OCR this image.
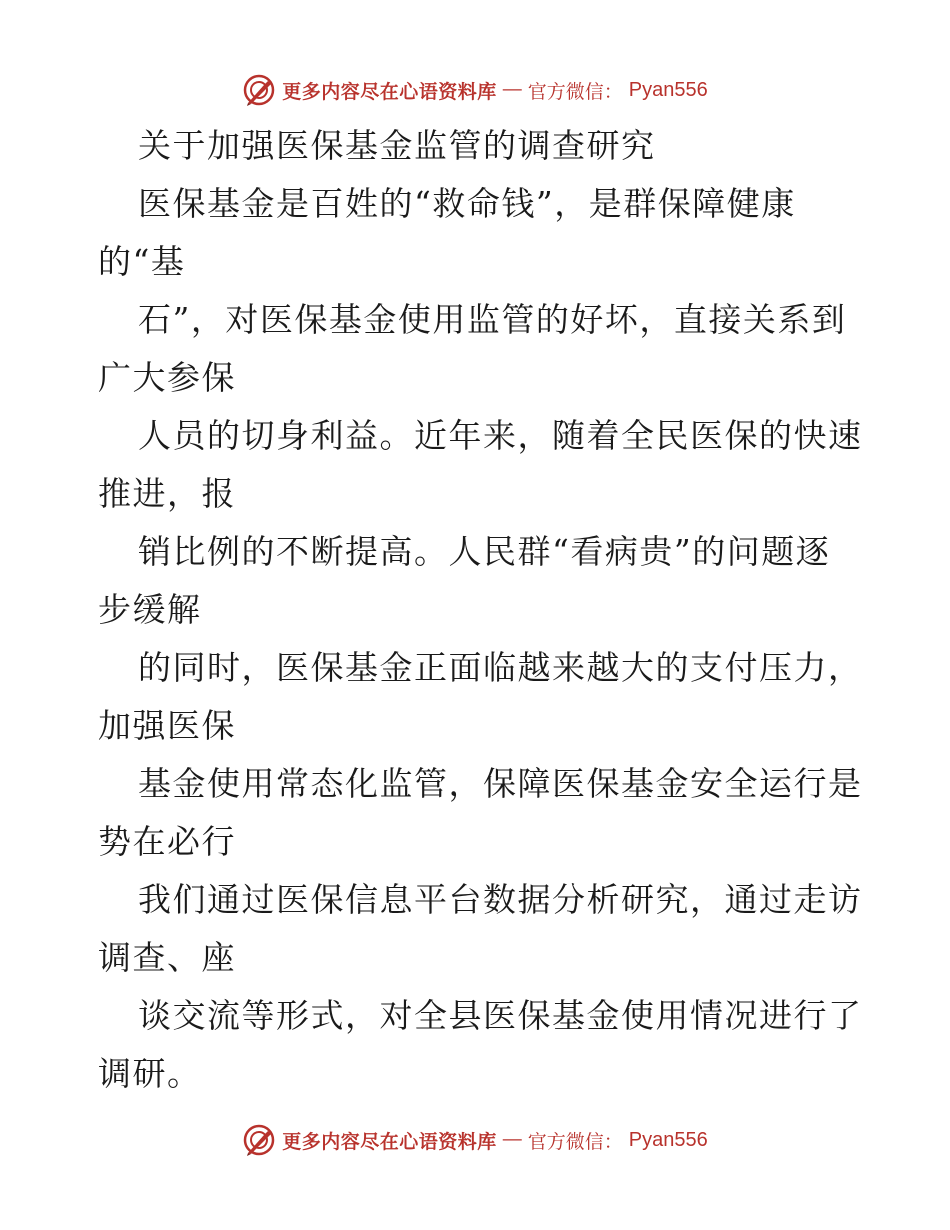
更多内容尽在心语资料库 — 官方微信： Pyan556
关于加强医保基金监管的调查研究
医保基金是百姓的“救命钱”，是群保障健康
的“基
石”，对医保基金使用监管的好坏，直接关系到
广大参保
人员的切身利益。近年来，随着全民医保的快速
推进，报
销比例的不断提高。人民群“看病贵”的问题逐
步缓解
的同时，医保基金正面临越来越大的支付压力，
加强医保
基金使用常态化监管，保障医保基金安全运行是
势在必行
我们通过医保信息平台数据分析研究，通过走访
调查、座
谈交流等形式，对全县医保基金使用情况进行了
调研。
更多内容尽在心语资料库 — 官方微信： Pyan556
